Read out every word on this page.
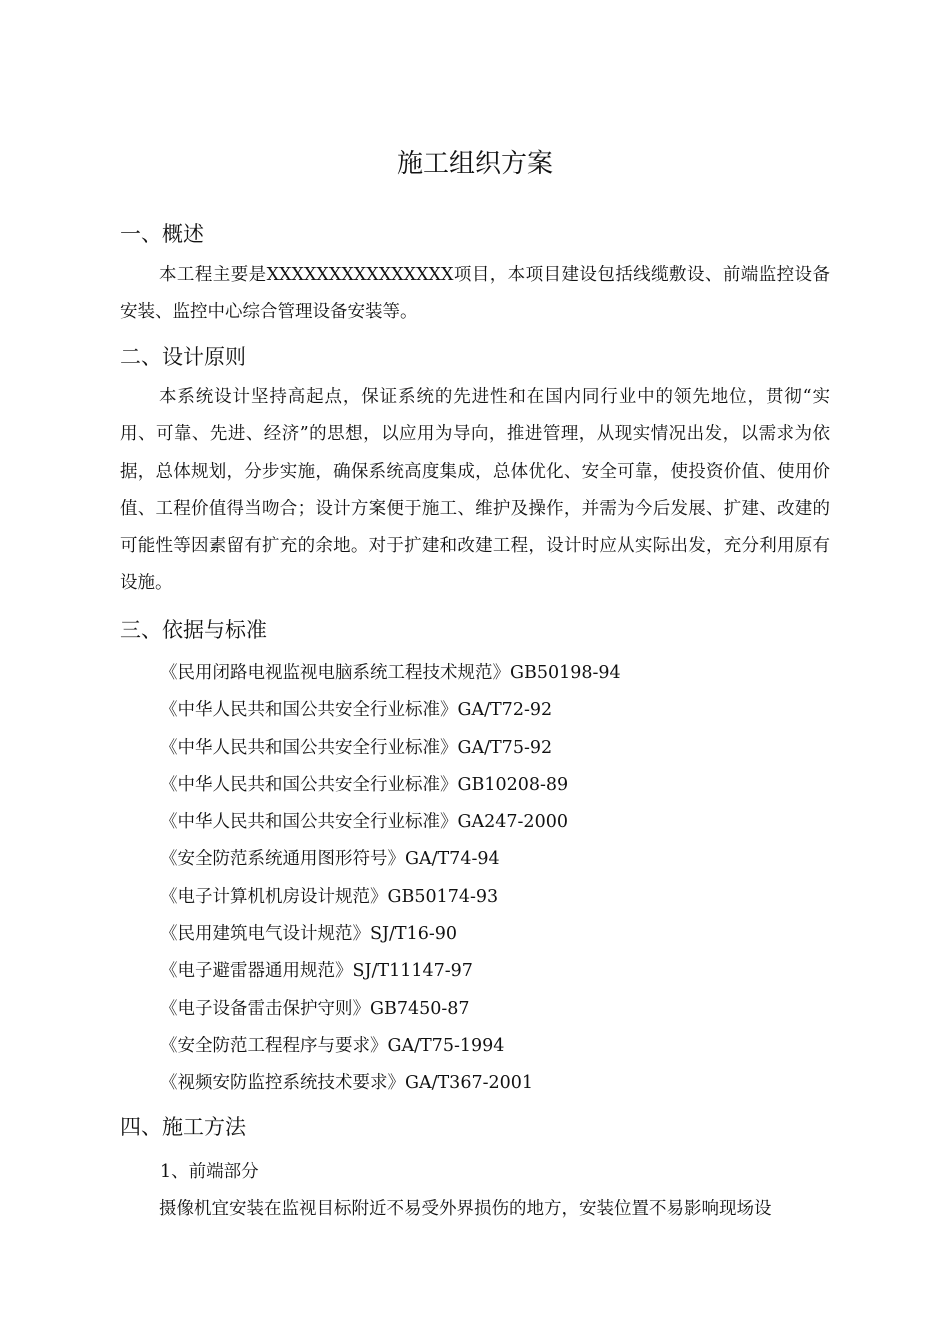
施工组织方案
一、概述
本工程主要是XXXXXXXXXXXXXXX项目，本项目建设包括线缆敷设、前端监控设备安装、监控中心综合管理设备安装等。
二、设计原则
本系统设计坚持高起点，保证系统的先进性和在国内同行业中的领先地位，贯彻“实用、可靠、先进、经济”的思想，以应用为导向，推进管理，从现实情况出发，以需求为依据，总体规划，分步实施，确保系统高度集成，总体优化、安全可靠，使投资价值、使用价值、工程价值得当吻合；设计方案便于施工、维护及操作，并需为今后发展、扩建、改建的可能性等因素留有扩充的余地。对于扩建和改建工程，设计时应从实际出发，充分利用原有设施。
三、依据与标准
《民用闭路电视监视电脑系统工程技术规范》GB50198-94
《中华人民共和国公共安全行业标准》GA/T72-92
《中华人民共和国公共安全行业标准》GA/T75-92
《中华人民共和国公共安全行业标准》GB10208-89
《中华人民共和国公共安全行业标准》GA247-2000
《安全防范系统通用图形符号》GA/T74-94
《电子计算机机房设计规范》GB50174-93
《民用建筑电气设计规范》SJ/T16-90
《电子避雷器通用规范》SJ/T11147-97
《电子设备雷击保护守则》GB7450-87
《安全防范工程程序与要求》GA/T75-1994
《视频安防监控系统技术要求》GA/T367-2001
四、施工方法
1、前端部分
摄像机宜安装在监视目标附近不易受外界损伤的地方，安装位置不易影响现场设
